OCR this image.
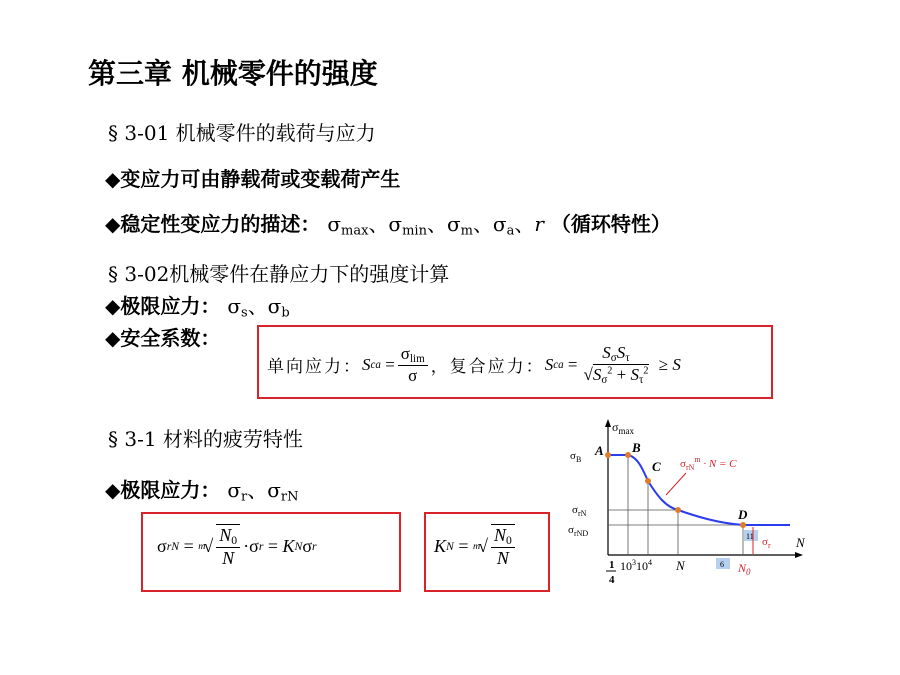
第三章 机械零件的强度
§ 3-01 机械零件的载荷与应力
◆变应力可由静载荷或变载荷产生
◆稳定性变应力的描述： $\sigma_{max}$、$\sigma_{min}$、$\sigma_m$、$\sigma_a$、r （循环特性）
§ 3-02机械零件在静应力下的强度计算
◆极限应力： $\sigma_s$、$\sigma_b$
◆安全系数：
单向应力： S ca = $\frac{\sigma_{lim}}{\sigma}$ ，复合应力： S ca = $\frac{S_\sigma S_\tau}{√S_\sigma^2 + S_\tau^2} \ge S$
§ 3-1 材料的疲劳特性
◆极限应力： $\sigma_r$、$\sigma_{rN}$
σ rN = m
√ $\frac{N_0}{N} \cdot\sigma$ r = K N σ r	K N = m
√ $\frac{N_0}{N}$
$\sigma_{max}$
N
A B
C
D
$\sigma_{rN}^m \cdot N = C$
$\sigma_B$
$\sigma_{rN}$
$\sigma_{rND}$
1
4
$10^310^4$ N	6 $N_0$
11 $\sigma_r$
